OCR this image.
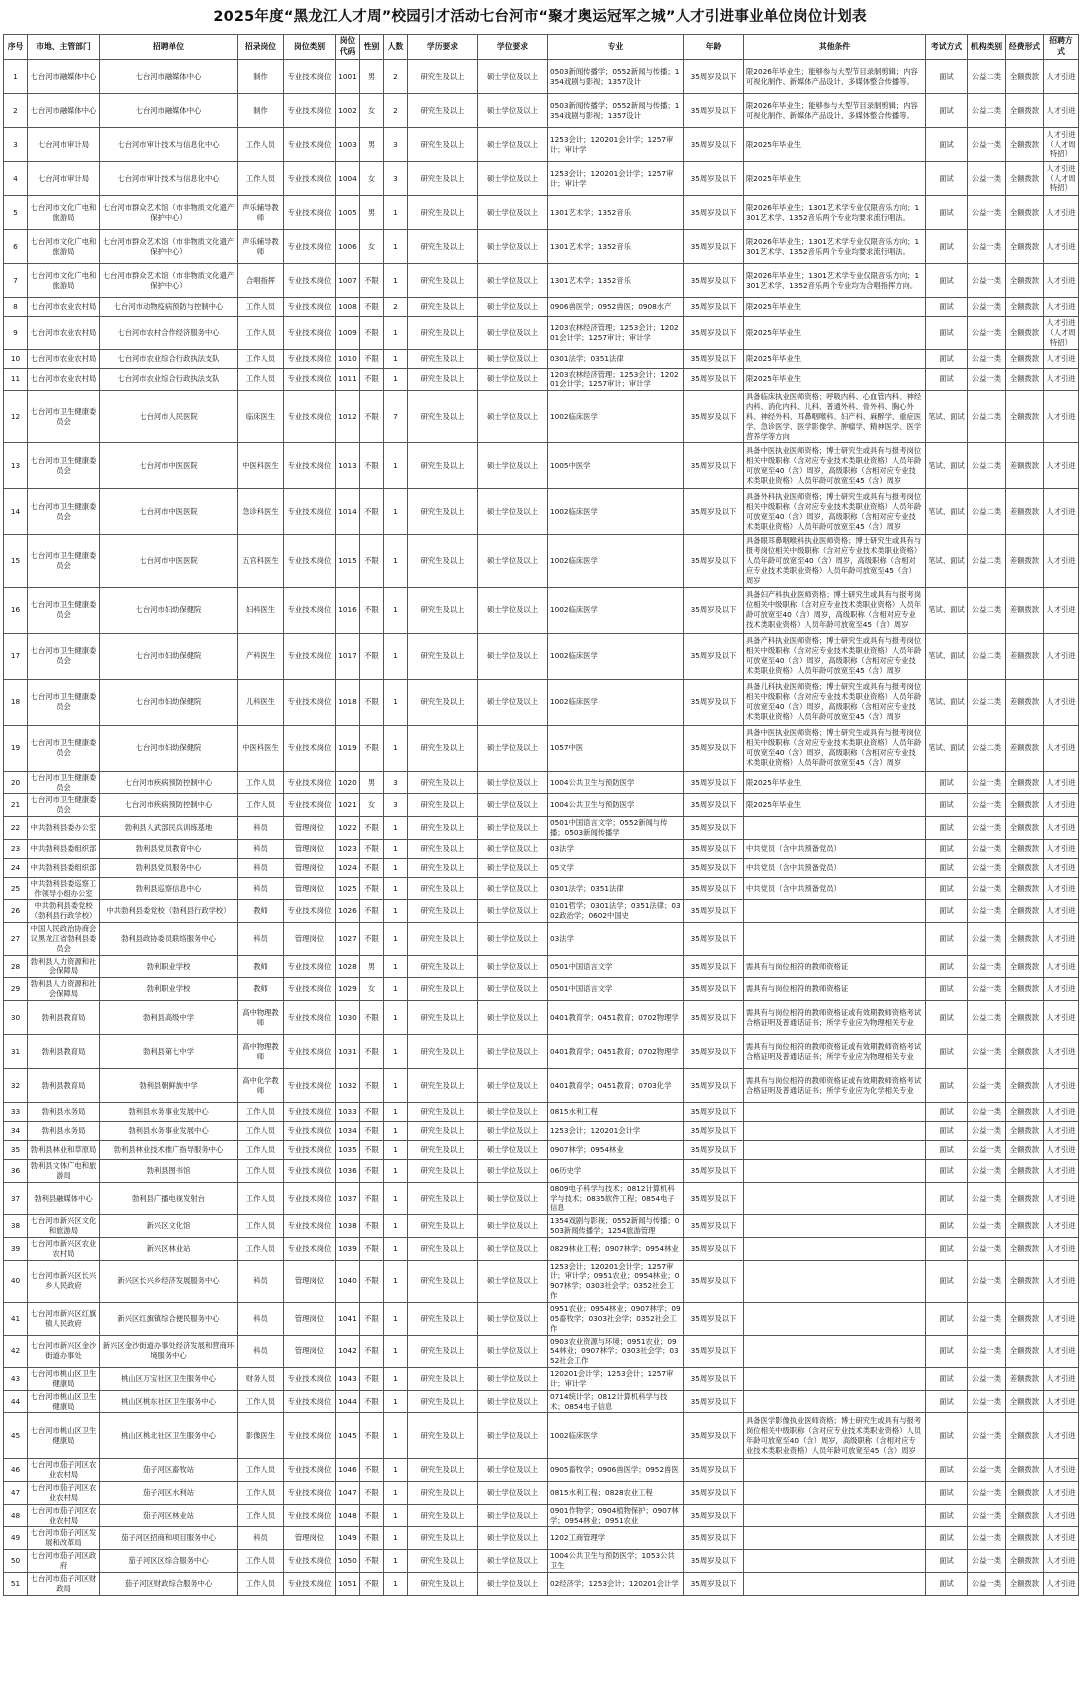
2025年度“黑龙江人才周”校园引才活动七台河市“聚才奥运冠军之城”人才引进事业单位岗位计划表
序号	市地、主管部门	招聘单位	招录岗位	岗位类别	岗位代码	性别	人数	学历要求	学位要求	专业	年龄	其他条件	考试方式	机构类别	经费形式	招聘方式
1	七台河市融媒体中心	七台河市融媒体中心	制作	专业技术岗位	1001	男	2	研究生及以上	硕士学位及以上	0503新闻传播学；0552新闻与传播；1354戏剧与影视；1357设计	35周岁及以下	限2026年毕业生；能够参与大型节目录制剪辑；内容可视化制作、新媒体产品设计、多媒体整合传播等。	面试	公益二类	全额拨款	人才引进
2	七台河市融媒体中心	七台河市融媒体中心	制作	专业技术岗位	1002	女	2	研究生及以上	硕士学位及以上	0503新闻传播学；0552新闻与传播；1354戏剧与影视；1357设计	35周岁及以下	限2026年毕业生；能够参与大型节目录制剪辑；内容可视化制作、新媒体产品设计、多媒体整合传播等。	面试	公益二类	全额拨款	人才引进
3	七台河市审计局	七台河市审计技术与信息化中心	工作人员	专业技术岗位	1003	男	3	研究生及以上	硕士学位及以上	1253会计；120201会计学；1257审计；审计学	35周岁及以下	限2025年毕业生	面试	公益一类	全额拨款	人才引进（人才周特招）
4	七台河市审计局	七台河市审计技术与信息化中心	工作人员	专业技术岗位	1004	女	3	研究生及以上	硕士学位及以上	1253会计；120201会计学；1257审计；审计学	35周岁及以下	限2025年毕业生	面试	公益一类	全额拨款	人才引进（人才周特招）
5	七台河市文化广电和旅游局	七台河市群众艺术馆（市非物质文化遗产保护中心）	声乐辅导教师	专业技术岗位	1005	男	1	研究生及以上	硕士学位及以上	1301艺术学；1352音乐	35周岁及以下	限2026年毕业生；1301艺术学专业仅限音乐方向；1301艺术学、1352音乐两个专业均要求流行唱法。	面试	公益一类	全额拨款	人才引进
6	七台河市文化广电和旅游局	七台河市群众艺术馆（市非物质文化遗产保护中心）	声乐辅导教师	专业技术岗位	1006	女	1	研究生及以上	硕士学位及以上	1301艺术学；1352音乐	35周岁及以下	限2026年毕业生；1301艺术学专业仅限音乐方向；1301艺术学、1352音乐两个专业均要求流行唱法。	面试	公益一类	全额拨款	人才引进
7	七台河市文化广电和旅游局	七台河市群众艺术馆（市非物质文化遗产保护中心）	合唱指挥	专业技术岗位	1007	不限	1	研究生及以上	硕士学位及以上	1301艺术学；1352音乐	35周岁及以下	限2026年毕业生；1301艺术学专业仅限音乐方向；1301艺术学、1352音乐两个专业均为合唱指挥方向。	面试	公益一类	全额拨款	人才引进
8	七台河市农业农村局	七台河市动物疫病预防与控制中心	工作人员	专业技术岗位	1008	不限	2	研究生及以上	硕士学位及以上	0906兽医学；0952兽医；0908水产	35周岁及以下	限2025年毕业生	面试	公益一类	全额拨款	人才引进
9	七台河市农业农村局	七台河市农村合作经济服务中心	工作人员	专业技术岗位	1009	不限	1	研究生及以上	硕士学位及以上	1203农林经济管理；1253会计；120201会计学；1257审计；审计学	35周岁及以下	限2025年毕业生	面试	公益一类	全额拨款	人才引进（人才周特招）
10	七台河市农业农村局	七台河市农业综合行政执法支队	工作人员	专业技术岗位	1010	不限	1	研究生及以上	硕士学位及以上	0301法学；0351法律	35周岁及以下	限2025年毕业生	面试	公益一类	全额拨款	人才引进
11	七台河市农业农村局	七台河市农业综合行政执法支队	工作人员	专业技术岗位	1011	不限	1	研究生及以上	硕士学位及以上	1203农林经济管理；1253会计；120201会计学；1257审计；审计学	35周岁及以下	限2025年毕业生	面试	公益一类	全额拨款	人才引进
12	七台河市卫生健康委员会	七台河市人民医院	临床医生	专业技术岗位	1012	不限	7	研究生及以上	硕士学位及以上	1002临床医学	35周岁及以下	具备临床执业医师资格；呼吸内科、心血管内科、神经内科、消化内科、儿科、普通外科、骨外科、胸心外科、神经外科、耳鼻咽喉科、妇产科、麻醉学、重症医学、急诊医学、医学影像学、肿瘤学、精神医学、医学营养学等方向	笔试、面试	公益二类	全额拨款	人才引进
13	七台河市卫生健康委员会	七台河市中医医院	中医科医生	专业技术岗位	1013	不限	1	研究生及以上	硕士学位及以上	1005中医学	35周岁及以下	具备中医执业医师资格；博士研究生或具有与报考岗位相关中级职称（含对应专业技术类职业资格）人员年龄可放宽至40（含）周岁，高级职称（含相对应专业技术类职业资格）人员年龄可放宽至45（含）周岁	笔试、面试	公益二类	差额拨款	人才引进
14	七台河市卫生健康委员会	七台河市中医医院	急诊科医生	专业技术岗位	1014	不限	1	研究生及以上	硕士学位及以上	1002临床医学	35周岁及以下	具备外科执业医师资格；博士研究生或具有与报考岗位相关中级职称（含对应专业技术类职业资格）人员年龄可放宽至40（含）周岁，高级职称（含相对应专业技术类职业资格）人员年龄可放宽至45（含）周岁	笔试、面试	公益二类	差额拨款	人才引进
15	七台河市卫生健康委员会	七台河市中医医院	五官科医生	专业技术岗位	1015	不限	1	研究生及以上	硕士学位及以上	1002临床医学	35周岁及以下	具备眼耳鼻咽喉科执业医师资格；博士研究生或具有与报考岗位相关中级职称（含对应专业技术类职业资格）人员年龄可放宽至40（含）周岁，高级职称（含相对应专业技术类职业资格）人员年龄可放宽至45（含）周岁	笔试、面试	公益二类	差额拨款	人才引进
16	七台河市卫生健康委员会	七台河市妇幼保健院	妇科医生	专业技术岗位	1016	不限	1	研究生及以上	硕士学位及以上	1002临床医学	35周岁及以下	具备妇产科执业医师资格；博士研究生或具有与报考岗位相关中级职称（含对应专业技术类职业资格）人员年龄可放宽至40（含）周岁，高级职称（含相对应专业技术类职业资格）人员年龄可放宽至45（含）周岁	笔试、面试	公益二类	差额拨款	人才引进
17	七台河市卫生健康委员会	七台河市妇幼保健院	产科医生	专业技术岗位	1017	不限	1	研究生及以上	硕士学位及以上	1002临床医学	35周岁及以下	具备产科执业医师资格；博士研究生或具有与报考岗位相关中级职称（含对应专业技术类职业资格）人员年龄可放宽至40（含）周岁，高级职称（含相对应专业技术类职业资格）人员年龄可放宽至45（含）周岁	笔试、面试	公益二类	差额拨款	人才引进
18	七台河市卫生健康委员会	七台河市妇幼保健院	儿科医生	专业技术岗位	1018	不限	1	研究生及以上	硕士学位及以上	1002临床医学	35周岁及以下	具备儿科执业医师资格；博士研究生或具有与报考岗位相关中级职称（含对应专业技术类职业资格）人员年龄可放宽至40（含）周岁，高级职称（含相对应专业技术类职业资格）人员年龄可放宽至45（含）周岁	笔试、面试	公益二类	差额拨款	人才引进
19	七台河市卫生健康委员会	七台河市妇幼保健院	中医科医生	专业技术岗位	1019	不限	1	研究生及以上	硕士学位及以上	1057中医	35周岁及以下	具备中医执业医师资格；博士研究生或具有与报考岗位相关中级职称（含对应专业技术类职业资格）人员年龄可放宽至40（含）周岁，高级职称（含相对应专业技术类职业资格）人员年龄可放宽至45（含）周岁	笔试、面试	公益二类	差额拨款	人才引进
20	七台河市卫生健康委员会	七台河市疾病预防控制中心	工作人员	专业技术岗位	1020	男	3	研究生及以上	硕士学位及以上	1004公共卫生与预防医学	35周岁及以下	限2025年毕业生	面试	公益一类	全额拨款	人才引进
21	七台河市卫生健康委员会	七台河市疾病预防控制中心	工作人员	专业技术岗位	1021	女	3	研究生及以上	硕士学位及以上	1004公共卫生与预防医学	35周岁及以下	限2025年毕业生	面试	公益一类	全额拨款	人才引进
22	中共勃利县委办公室	勃利县人武部民兵训练基地	科员	管理岗位	1022	不限	1	研究生及以上	硕士学位及以上	0501中国语言文学；0552新闻与传播；0503新闻传播学	35周岁及以下		面试	公益一类	全额拨款	人才引进
23	中共勃利县委组织部	勃利县党员教育中心	科员	管理岗位	1023	不限	1	研究生及以上	硕士学位及以上	03法学	35周岁及以下	中共党员（含中共预备党员）	面试	公益一类	全额拨款	人才引进
24	中共勃利县委组织部	勃利县党员服务中心	科员	管理岗位	1024	不限	1	研究生及以上	硕士学位及以上	05文学	35周岁及以下	中共党员（含中共预备党员）	面试	公益一类	全额拨款	人才引进
25	中共勃利县委巡察工作领导小组办公室	勃利县巡察信息中心	科员	管理岗位	1025	不限	1	研究生及以上	硕士学位及以上	0301法学；0351法律	35周岁及以下	中共党员（含中共预备党员）	面试	公益一类	全额拨款	人才引进
26	中共勃利县委党校（勃利县行政学校）	中共勃利县委党校（勃利县行政学校）	教师	专业技术岗位	1026	不限	1	研究生及以上	硕士学位及以上	0101哲学；0301法学；0351法律；0302政治学；0602中国史	35周岁及以下		面试	公益一类	全额拨款	人才引进
27	中国人民政治协商会议黑龙江省勃利县委员会	勃利县政协委员联络服务中心	科员	管理岗位	1027	不限	1	研究生及以上	硕士学位及以上	03法学	35周岁及以下		面试	公益一类	全额拨款	人才引进
28	勃利县人力资源和社会保障局	勃利职业学校	教师	专业技术岗位	1028	男	1	研究生及以上	硕士学位及以上	0501中国语言文学	35周岁及以下	需具有与岗位相符的教师资格证	面试	公益一类	全额拨款	人才引进
29	勃利县人力资源和社会保障局	勃利职业学校	教师	专业技术岗位	1029	女	1	研究生及以上	硕士学位及以上	0501中国语言文学	35周岁及以下	需具有与岗位相符的教师资格证	面试	公益一类	全额拨款	人才引进
30	勃利县教育局	勃利县高级中学	高中物理教师	专业技术岗位	1030	不限	1	研究生及以上	硕士学位及以上	0401教育学；0451教育；0702物理学	35周岁及以下	需具有与岗位相符的教师资格证或有效期教师资格考试合格证明及普通话证书；所学专业应为物理相关专业	面试	公益二类	全额拨款	人才引进
31	勃利县教育局	勃利县第七中学	高中物理教师	专业技术岗位	1031	不限	1	研究生及以上	硕士学位及以上	0401教育学；0451教育；0702物理学	35周岁及以下	需具有与岗位相符的教师资格证或有效期教师资格考试合格证明及普通话证书；所学专业应为物理相关专业	面试	公益一类	全额拨款	人才引进
32	勃利县教育局	勃利县朝鲜族中学	高中化学教师	专业技术岗位	1032	不限	1	研究生及以上	硕士学位及以上	0401教育学；0451教育；0703化学	35周岁及以下	需具有与岗位相符的教师资格证或有效期教师资格考试合格证明及普通话证书；所学专业应为化学相关专业	面试	公益一类	全额拨款	人才引进
33	勃利县水务局	勃利县水务事业发展中心	工作人员	专业技术岗位	1033	不限	1	研究生及以上	硕士学位及以上	0815水利工程	35周岁及以下		面试	公益一类	全额拨款	人才引进
34	勃利县水务局	勃利县水务事业发展中心	工作人员	专业技术岗位	1034	不限	1	研究生及以上	硕士学位及以上	1253会计；120201会计学	35周岁及以下		面试	公益一类	全额拨款	人才引进
35	勃利县林业和草原局	勃利县林业技术推广指导服务中心	工作人员	专业技术岗位	1035	不限	1	研究生及以上	硕士学位及以上	0907林学；0954林业	35周岁及以下		面试	公益一类	全额拨款	人才引进
36	勃利县文体广电和旅游局	勃利县图书馆	工作人员	专业技术岗位	1036	不限	1	研究生及以上	硕士学位及以上	06历史学	35周岁及以下		面试	公益一类	全额拨款	人才引进
37	勃利县融媒体中心	勃利县广播电视发射台	工作人员	专业技术岗位	1037	不限	1	研究生及以上	硕士学位及以上	0809电子科学与技术；0812计算机科学与技术；0835软件工程；0854电子信息	35周岁及以下		面试	公益一类	全额拨款	人才引进
38	七台河市新兴区文化和旅游局	新兴区文化馆	工作人员	专业技术岗位	1038	不限	1	研究生及以上	硕士学位及以上	1354戏剧与影视；0552新闻与传播；0503新闻传播学；1254旅游管理	35周岁及以下		面试	公益一类	全额拨款	人才引进
39	七台河市新兴区农业农村局	新兴区林业站	工作人员	专业技术岗位	1039	不限	1	研究生及以上	硕士学位及以上	0829林业工程；0907林学；0954林业	35周岁及以下		面试	公益一类	全额拨款	人才引进
40	七台河市新兴区长兴乡人民政府	新兴区长兴乡经济发展服务中心	科员	管理岗位	1040	不限	1	研究生及以上	硕士学位及以上	1253会计；120201会计学；1257审计；审计学；0951农业；0954林业；0907林学；0303社会学；0352社会工作	35周岁及以下		面试	公益一类	全额拨款	人才引进
41	七台河市新兴区红旗镇人民政府	新兴区红旗镇综合便民服务中心	科员	管理岗位	1041	不限	1	研究生及以上	硕士学位及以上	0951农业；0954林业；0907林学；0905畜牧学；0303社会学；0352社会工作	35周岁及以下		面试	公益一类	全额拨款	人才引进
42	七台河市新兴区金沙街道办事处	新兴区金沙街道办事处经济发展和营商环境服务中心	科员	管理岗位	1042	不限	1	研究生及以上	硕士学位及以上	0903农业资源与环境；0951农业；0954林业；0907林学；0303社会学；0352社会工作	35周岁及以下		面试	公益一类	全额拨款	人才引进
43	七台河市桃山区卫生健康局	桃山区万宝社区卫生服务中心	财务人员	专业技术岗位	1043	不限	1	研究生及以上	硕士学位及以上	120201会计学；1253会计；1257审计；审计学	35周岁及以下		面试	公益一类	差额拨款	人才引进
44	七台河市桃山区卫生健康局	桃山区桃东社区卫生服务中心	工作人员	专业技术岗位	1044	不限	1	研究生及以上	硕士学位及以上	0714统计学；0812计算机科学与技术；0854电子信息	35周岁及以下		面试	公益一类	全额拨款	人才引进
45	七台河市桃山区卫生健康局	桃山区桃北社区卫生服务中心	影像医生	专业技术岗位	1045	不限	1	研究生及以上	硕士学位及以上	1002临床医学	35周岁及以下	具备医学影像执业医师资格；博士研究生或具有与报考岗位相关中级职称（含对应专业技术类职业资格）人员年龄可放宽至40（含）周岁，高级职称（含相对应专业技术类职业资格）人员年龄可放宽至45（含）周岁	面试	公益一类	全额拨款	人才引进
46	七台河市茄子河区农业农村局	茄子河区畜牧站	工作人员	专业技术岗位	1046	不限	1	研究生及以上	硕士学位及以上	0905畜牧学；0906兽医学；0952兽医	35周岁及以下		面试	公益一类	全额拨款	人才引进
47	七台河市茄子河区农业农村局	茄子河区水利站	工作人员	专业技术岗位	1047	不限	1	研究生及以上	硕士学位及以上	0815水利工程；0828农业工程	35周岁及以下		面试	公益一类	全额拨款	人才引进
48	七台河市茄子河区农业农村局	茄子河区林业站	工作人员	专业技术岗位	1048	不限	1	研究生及以上	硕士学位及以上	0901作物学；0904植物保护；0907林学；0954林业；0951农业	35周岁及以下		面试	公益一类	全额拨款	人才引进
49	七台河市茄子河区发展和改革局	茄子河区招商和项目服务中心	科员	管理岗位	1049	不限	1	研究生及以上	硕士学位及以上	1202工商管理学	35周岁及以下		面试	公益一类	全额拨款	人才引进
50	七台河市茄子河区政府	茄子河区区综合服务中心	工作人员	专业技术岗位	1050	不限	1	研究生及以上	硕士学位及以上	1004公共卫生与预防医学；1053公共卫生	35周岁及以下		面试	公益一类	全额拨款	人才引进
51	七台河市茄子河区财政局	茄子河区财政综合服务中心	工作人员	专业技术岗位	1051	不限	1	研究生及以上	硕士学位及以上	02经济学；1253会计；120201会计学	35周岁及以下		面试	公益一类	全额拨款	人才引进
